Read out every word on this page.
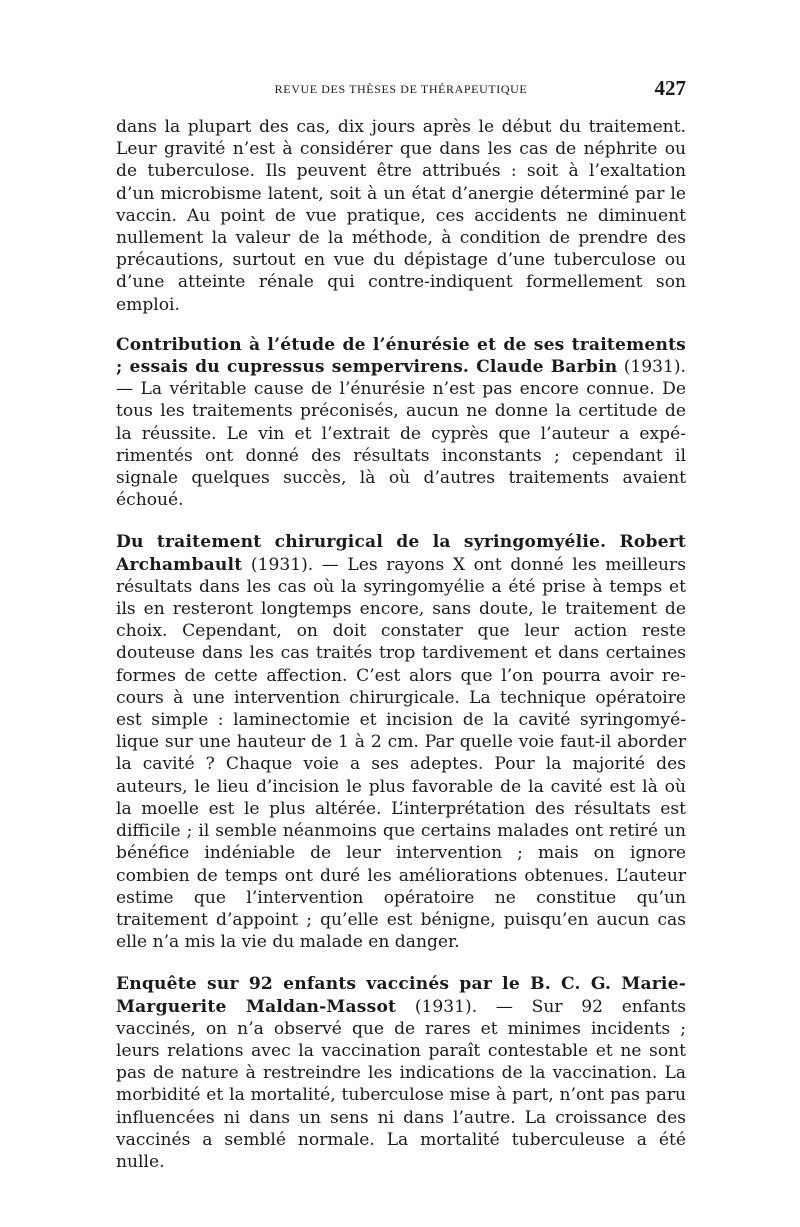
REVUE DES THÈSES DE THÉRAPEUTIQUE	427

dans la plupart des cas, dix jours après le début du traitement. Leur gravité n’est à considérer que dans les cas de néphrite ou de tuberculose. Ils peuvent être attribués : soit à l’exaltation d’un microbisme latent, soit à un état d’anergie déterminé par le vaccin. Au point de vue pratique, ces accidents ne diminuent nullement la valeur de la méthode, à condition de prendre des précautions, surtout en vue du dépistage d’une tuberculose ou d’une atteinte rénale qui contre-indiquent formellement son emploi.

Contribution à l’étude de l’énurésie et de ses traitements ; essais du cupressus sempervirens. Claude Barbin (1931). — La véritable cause de l’énurésie n’est pas encore connue. De tous les traitements préconisés, aucun ne donne la certitude de la réussite. Le vin et l’extrait de cyprès que l’auteur a expérimentés ont donné des résultats inconstants ; cependant il signale quelques succès, là où d’autres traitements avaient échoué.

Du traitement chirurgical de la syringomyélie. Robert Archambault (1931). — Les rayons X ont donné les meilleurs résultats dans les cas où la syringomyélie a été prise à temps et ils en resteront longtemps encore, sans doute, le traitement de choix. Cependant, on doit constater que leur action reste douteuse dans les cas traités trop tardivement et dans certaines formes de cette affection. C’est alors que l’on pourra avoir recours à une intervention chirurgicale. La technique opératoire est simple : laminectomie et incision de la cavité syringomyélique sur une hauteur de 1 à 2 cm. Par quelle voie faut-il aborder la cavité ? Chaque voie a ses adeptes. Pour la majorité des auteurs, le lieu d’incision le plus favorable de la cavité est là où la moelle est le plus altérée. L’interprétation des résultats est difficile ; il semble néanmoins que certains malades ont retiré un bénéfice indéniable de leur intervention ; mais on ignore combien de temps ont duré les améliorations obtenues. L’auteur estime que l’intervention opératoire ne constitue qu’un traitement d’appoint ; qu’elle est bénigne, puisqu’en aucun cas elle n’a mis la vie du malade en danger.

Enquête sur 92 enfants vaccinés par le B. C. G. Marie-Marguerite Maldan-Massot (1931). — Sur 92 enfants vaccinés, on n’a observé que de rares et minimes incidents ; leurs relations avec la vaccination paraît contestable et ne sont pas de nature à restreindre les indications de la vaccination. La morbidité et la mortalité, tuberculose mise à part, n’ont pas paru influencées ni dans un sens ni dans l’autre. La croissance des vaccinés a semblé normale. La mortalité tuberculeuse a été nulle.
